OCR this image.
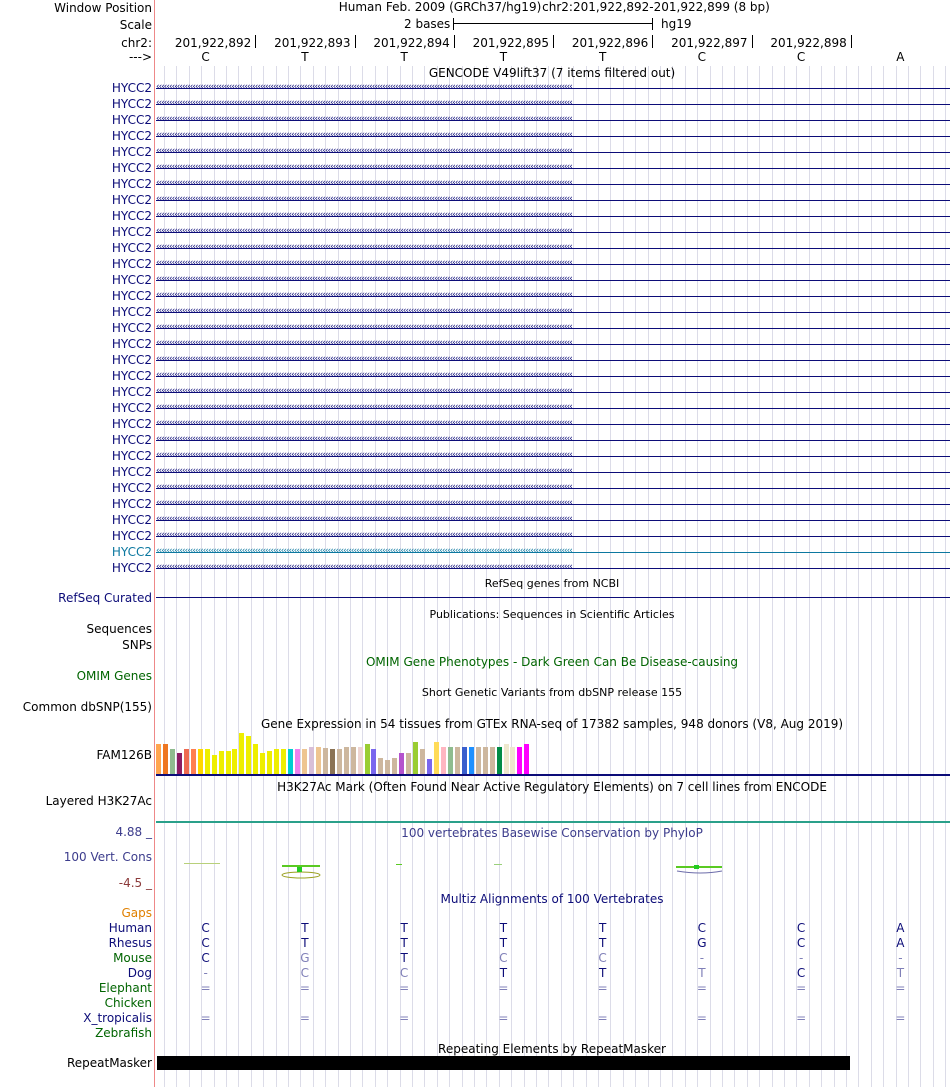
Window Position	Human Feb. 2009 (GRCh37/hg19) chr2:201,922,892-201,922,899 (8 bp)
Scale	2 bases	hg19
chr2: 201,922,892 201,922,893 201,922,894 201,922,895 201,922,896 201,922,897 201,922,898
--->	C	T	T	T	T	C	C	A
GENCODE V49lift37 (7 items filtered out)
HYCC2 ‹‹‹‹‹‹‹‹‹‹‹‹‹‹‹‹‹‹‹‹‹‹‹‹‹‹‹‹‹‹‹‹‹‹‹‹‹‹‹‹‹‹‹‹‹‹‹‹‹‹‹‹‹‹‹‹‹‹‹‹‹‹‹‹‹‹‹‹‹‹‹‹‹‹‹‹‹‹‹‹‹‹‹‹‹‹‹‹‹‹‹‹‹‹‹‹‹‹‹‹‹‹‹‹‹‹‹‹‹‹‹‹‹‹‹‹‹‹‹‹‹‹‹‹‹‹‹‹‹‹‹‹‹‹‹‹‹‹‹‹‹‹‹‹‹‹‹‹‹‹‹‹‹‹‹‹‹‹‹‹
HYCC2 ‹‹‹‹‹‹‹‹‹‹‹‹‹‹‹‹‹‹‹‹‹‹‹‹‹‹‹‹‹‹‹‹‹‹‹‹‹‹‹‹‹‹‹‹‹‹‹‹‹‹‹‹‹‹‹‹‹‹‹‹‹‹‹‹‹‹‹‹‹‹‹‹‹‹‹‹‹‹‹‹‹‹‹‹‹‹‹‹‹‹‹‹‹‹‹‹‹‹‹‹‹‹‹‹‹‹‹‹‹‹‹‹‹‹‹‹‹‹‹‹‹‹‹‹‹‹‹‹‹‹‹‹‹‹‹‹‹‹‹‹‹‹‹‹‹‹‹‹‹‹‹‹‹‹‹‹‹‹‹‹
HYCC2 ‹‹‹‹‹‹‹‹‹‹‹‹‹‹‹‹‹‹‹‹‹‹‹‹‹‹‹‹‹‹‹‹‹‹‹‹‹‹‹‹‹‹‹‹‹‹‹‹‹‹‹‹‹‹‹‹‹‹‹‹‹‹‹‹‹‹‹‹‹‹‹‹‹‹‹‹‹‹‹‹‹‹‹‹‹‹‹‹‹‹‹‹‹‹‹‹‹‹‹‹‹‹‹‹‹‹‹‹‹‹‹‹‹‹‹‹‹‹‹‹‹‹‹‹‹‹‹‹‹‹‹‹‹‹‹‹‹‹‹‹‹‹‹‹‹‹‹‹‹‹‹‹‹‹‹‹‹‹‹‹
HYCC2 ‹‹‹‹‹‹‹‹‹‹‹‹‹‹‹‹‹‹‹‹‹‹‹‹‹‹‹‹‹‹‹‹‹‹‹‹‹‹‹‹‹‹‹‹‹‹‹‹‹‹‹‹‹‹‹‹‹‹‹‹‹‹‹‹‹‹‹‹‹‹‹‹‹‹‹‹‹‹‹‹‹‹‹‹‹‹‹‹‹‹‹‹‹‹‹‹‹‹‹‹‹‹‹‹‹‹‹‹‹‹‹‹‹‹‹‹‹‹‹‹‹‹‹‹‹‹‹‹‹‹‹‹‹‹‹‹‹‹‹‹‹‹‹‹‹‹‹‹‹‹‹‹‹‹‹‹‹‹‹‹
HYCC2 ‹‹‹‹‹‹‹‹‹‹‹‹‹‹‹‹‹‹‹‹‹‹‹‹‹‹‹‹‹‹‹‹‹‹‹‹‹‹‹‹‹‹‹‹‹‹‹‹‹‹‹‹‹‹‹‹‹‹‹‹‹‹‹‹‹‹‹‹‹‹‹‹‹‹‹‹‹‹‹‹‹‹‹‹‹‹‹‹‹‹‹‹‹‹‹‹‹‹‹‹‹‹‹‹‹‹‹‹‹‹‹‹‹‹‹‹‹‹‹‹‹‹‹‹‹‹‹‹‹‹‹‹‹‹‹‹‹‹‹‹‹‹‹‹‹‹‹‹‹‹‹‹‹‹‹‹‹‹‹‹
HYCC2 ‹‹‹‹‹‹‹‹‹‹‹‹‹‹‹‹‹‹‹‹‹‹‹‹‹‹‹‹‹‹‹‹‹‹‹‹‹‹‹‹‹‹‹‹‹‹‹‹‹‹‹‹‹‹‹‹‹‹‹‹‹‹‹‹‹‹‹‹‹‹‹‹‹‹‹‹‹‹‹‹‹‹‹‹‹‹‹‹‹‹‹‹‹‹‹‹‹‹‹‹‹‹‹‹‹‹‹‹‹‹‹‹‹‹‹‹‹‹‹‹‹‹‹‹‹‹‹‹‹‹‹‹‹‹‹‹‹‹‹‹‹‹‹‹‹‹‹‹‹‹‹‹‹‹‹‹‹‹‹‹
HYCC2 ‹‹‹‹‹‹‹‹‹‹‹‹‹‹‹‹‹‹‹‹‹‹‹‹‹‹‹‹‹‹‹‹‹‹‹‹‹‹‹‹‹‹‹‹‹‹‹‹‹‹‹‹‹‹‹‹‹‹‹‹‹‹‹‹‹‹‹‹‹‹‹‹‹‹‹‹‹‹‹‹‹‹‹‹‹‹‹‹‹‹‹‹‹‹‹‹‹‹‹‹‹‹‹‹‹‹‹‹‹‹‹‹‹‹‹‹‹‹‹‹‹‹‹‹‹‹‹‹‹‹‹‹‹‹‹‹‹‹‹‹‹‹‹‹‹‹‹‹‹‹‹‹‹‹‹‹‹‹‹‹
HYCC2 ‹‹‹‹‹‹‹‹‹‹‹‹‹‹‹‹‹‹‹‹‹‹‹‹‹‹‹‹‹‹‹‹‹‹‹‹‹‹‹‹‹‹‹‹‹‹‹‹‹‹‹‹‹‹‹‹‹‹‹‹‹‹‹‹‹‹‹‹‹‹‹‹‹‹‹‹‹‹‹‹‹‹‹‹‹‹‹‹‹‹‹‹‹‹‹‹‹‹‹‹‹‹‹‹‹‹‹‹‹‹‹‹‹‹‹‹‹‹‹‹‹‹‹‹‹‹‹‹‹‹‹‹‹‹‹‹‹‹‹‹‹‹‹‹‹‹‹‹‹‹‹‹‹‹‹‹‹‹‹‹
HYCC2 ‹‹‹‹‹‹‹‹‹‹‹‹‹‹‹‹‹‹‹‹‹‹‹‹‹‹‹‹‹‹‹‹‹‹‹‹‹‹‹‹‹‹‹‹‹‹‹‹‹‹‹‹‹‹‹‹‹‹‹‹‹‹‹‹‹‹‹‹‹‹‹‹‹‹‹‹‹‹‹‹‹‹‹‹‹‹‹‹‹‹‹‹‹‹‹‹‹‹‹‹‹‹‹‹‹‹‹‹‹‹‹‹‹‹‹‹‹‹‹‹‹‹‹‹‹‹‹‹‹‹‹‹‹‹‹‹‹‹‹‹‹‹‹‹‹‹‹‹‹‹‹‹‹‹‹‹‹‹‹‹
HYCC2 ‹‹‹‹‹‹‹‹‹‹‹‹‹‹‹‹‹‹‹‹‹‹‹‹‹‹‹‹‹‹‹‹‹‹‹‹‹‹‹‹‹‹‹‹‹‹‹‹‹‹‹‹‹‹‹‹‹‹‹‹‹‹‹‹‹‹‹‹‹‹‹‹‹‹‹‹‹‹‹‹‹‹‹‹‹‹‹‹‹‹‹‹‹‹‹‹‹‹‹‹‹‹‹‹‹‹‹‹‹‹‹‹‹‹‹‹‹‹‹‹‹‹‹‹‹‹‹‹‹‹‹‹‹‹‹‹‹‹‹‹‹‹‹‹‹‹‹‹‹‹‹‹‹‹‹‹‹‹‹‹
HYCC2 ‹‹‹‹‹‹‹‹‹‹‹‹‹‹‹‹‹‹‹‹‹‹‹‹‹‹‹‹‹‹‹‹‹‹‹‹‹‹‹‹‹‹‹‹‹‹‹‹‹‹‹‹‹‹‹‹‹‹‹‹‹‹‹‹‹‹‹‹‹‹‹‹‹‹‹‹‹‹‹‹‹‹‹‹‹‹‹‹‹‹‹‹‹‹‹‹‹‹‹‹‹‹‹‹‹‹‹‹‹‹‹‹‹‹‹‹‹‹‹‹‹‹‹‹‹‹‹‹‹‹‹‹‹‹‹‹‹‹‹‹‹‹‹‹‹‹‹‹‹‹‹‹‹‹‹‹‹‹‹‹
HYCC2 ‹‹‹‹‹‹‹‹‹‹‹‹‹‹‹‹‹‹‹‹‹‹‹‹‹‹‹‹‹‹‹‹‹‹‹‹‹‹‹‹‹‹‹‹‹‹‹‹‹‹‹‹‹‹‹‹‹‹‹‹‹‹‹‹‹‹‹‹‹‹‹‹‹‹‹‹‹‹‹‹‹‹‹‹‹‹‹‹‹‹‹‹‹‹‹‹‹‹‹‹‹‹‹‹‹‹‹‹‹‹‹‹‹‹‹‹‹‹‹‹‹‹‹‹‹‹‹‹‹‹‹‹‹‹‹‹‹‹‹‹‹‹‹‹‹‹‹‹‹‹‹‹‹‹‹‹‹‹‹‹
HYCC2 ‹‹‹‹‹‹‹‹‹‹‹‹‹‹‹‹‹‹‹‹‹‹‹‹‹‹‹‹‹‹‹‹‹‹‹‹‹‹‹‹‹‹‹‹‹‹‹‹‹‹‹‹‹‹‹‹‹‹‹‹‹‹‹‹‹‹‹‹‹‹‹‹‹‹‹‹‹‹‹‹‹‹‹‹‹‹‹‹‹‹‹‹‹‹‹‹‹‹‹‹‹‹‹‹‹‹‹‹‹‹‹‹‹‹‹‹‹‹‹‹‹‹‹‹‹‹‹‹‹‹‹‹‹‹‹‹‹‹‹‹‹‹‹‹‹‹‹‹‹‹‹‹‹‹‹‹‹‹‹‹
HYCC2 ‹‹‹‹‹‹‹‹‹‹‹‹‹‹‹‹‹‹‹‹‹‹‹‹‹‹‹‹‹‹‹‹‹‹‹‹‹‹‹‹‹‹‹‹‹‹‹‹‹‹‹‹‹‹‹‹‹‹‹‹‹‹‹‹‹‹‹‹‹‹‹‹‹‹‹‹‹‹‹‹‹‹‹‹‹‹‹‹‹‹‹‹‹‹‹‹‹‹‹‹‹‹‹‹‹‹‹‹‹‹‹‹‹‹‹‹‹‹‹‹‹‹‹‹‹‹‹‹‹‹‹‹‹‹‹‹‹‹‹‹‹‹‹‹‹‹‹‹‹‹‹‹‹‹‹‹‹‹‹‹
HYCC2 ‹‹‹‹‹‹‹‹‹‹‹‹‹‹‹‹‹‹‹‹‹‹‹‹‹‹‹‹‹‹‹‹‹‹‹‹‹‹‹‹‹‹‹‹‹‹‹‹‹‹‹‹‹‹‹‹‹‹‹‹‹‹‹‹‹‹‹‹‹‹‹‹‹‹‹‹‹‹‹‹‹‹‹‹‹‹‹‹‹‹‹‹‹‹‹‹‹‹‹‹‹‹‹‹‹‹‹‹‹‹‹‹‹‹‹‹‹‹‹‹‹‹‹‹‹‹‹‹‹‹‹‹‹‹‹‹‹‹‹‹‹‹‹‹‹‹‹‹‹‹‹‹‹‹‹‹‹‹‹‹
HYCC2 ‹‹‹‹‹‹‹‹‹‹‹‹‹‹‹‹‹‹‹‹‹‹‹‹‹‹‹‹‹‹‹‹‹‹‹‹‹‹‹‹‹‹‹‹‹‹‹‹‹‹‹‹‹‹‹‹‹‹‹‹‹‹‹‹‹‹‹‹‹‹‹‹‹‹‹‹‹‹‹‹‹‹‹‹‹‹‹‹‹‹‹‹‹‹‹‹‹‹‹‹‹‹‹‹‹‹‹‹‹‹‹‹‹‹‹‹‹‹‹‹‹‹‹‹‹‹‹‹‹‹‹‹‹‹‹‹‹‹‹‹‹‹‹‹‹‹‹‹‹‹‹‹‹‹‹‹‹‹‹‹
HYCC2 ‹‹‹‹‹‹‹‹‹‹‹‹‹‹‹‹‹‹‹‹‹‹‹‹‹‹‹‹‹‹‹‹‹‹‹‹‹‹‹‹‹‹‹‹‹‹‹‹‹‹‹‹‹‹‹‹‹‹‹‹‹‹‹‹‹‹‹‹‹‹‹‹‹‹‹‹‹‹‹‹‹‹‹‹‹‹‹‹‹‹‹‹‹‹‹‹‹‹‹‹‹‹‹‹‹‹‹‹‹‹‹‹‹‹‹‹‹‹‹‹‹‹‹‹‹‹‹‹‹‹‹‹‹‹‹‹‹‹‹‹‹‹‹‹‹‹‹‹‹‹‹‹‹‹‹‹‹‹‹‹
HYCC2 ‹‹‹‹‹‹‹‹‹‹‹‹‹‹‹‹‹‹‹‹‹‹‹‹‹‹‹‹‹‹‹‹‹‹‹‹‹‹‹‹‹‹‹‹‹‹‹‹‹‹‹‹‹‹‹‹‹‹‹‹‹‹‹‹‹‹‹‹‹‹‹‹‹‹‹‹‹‹‹‹‹‹‹‹‹‹‹‹‹‹‹‹‹‹‹‹‹‹‹‹‹‹‹‹‹‹‹‹‹‹‹‹‹‹‹‹‹‹‹‹‹‹‹‹‹‹‹‹‹‹‹‹‹‹‹‹‹‹‹‹‹‹‹‹‹‹‹‹‹‹‹‹‹‹‹‹‹‹‹‹
HYCC2 ‹‹‹‹‹‹‹‹‹‹‹‹‹‹‹‹‹‹‹‹‹‹‹‹‹‹‹‹‹‹‹‹‹‹‹‹‹‹‹‹‹‹‹‹‹‹‹‹‹‹‹‹‹‹‹‹‹‹‹‹‹‹‹‹‹‹‹‹‹‹‹‹‹‹‹‹‹‹‹‹‹‹‹‹‹‹‹‹‹‹‹‹‹‹‹‹‹‹‹‹‹‹‹‹‹‹‹‹‹‹‹‹‹‹‹‹‹‹‹‹‹‹‹‹‹‹‹‹‹‹‹‹‹‹‹‹‹‹‹‹‹‹‹‹‹‹‹‹‹‹‹‹‹‹‹‹‹‹‹‹
HYCC2 ‹‹‹‹‹‹‹‹‹‹‹‹‹‹‹‹‹‹‹‹‹‹‹‹‹‹‹‹‹‹‹‹‹‹‹‹‹‹‹‹‹‹‹‹‹‹‹‹‹‹‹‹‹‹‹‹‹‹‹‹‹‹‹‹‹‹‹‹‹‹‹‹‹‹‹‹‹‹‹‹‹‹‹‹‹‹‹‹‹‹‹‹‹‹‹‹‹‹‹‹‹‹‹‹‹‹‹‹‹‹‹‹‹‹‹‹‹‹‹‹‹‹‹‹‹‹‹‹‹‹‹‹‹‹‹‹‹‹‹‹‹‹‹‹‹‹‹‹‹‹‹‹‹‹‹‹‹‹‹‹
HYCC2 ‹‹‹‹‹‹‹‹‹‹‹‹‹‹‹‹‹‹‹‹‹‹‹‹‹‹‹‹‹‹‹‹‹‹‹‹‹‹‹‹‹‹‹‹‹‹‹‹‹‹‹‹‹‹‹‹‹‹‹‹‹‹‹‹‹‹‹‹‹‹‹‹‹‹‹‹‹‹‹‹‹‹‹‹‹‹‹‹‹‹‹‹‹‹‹‹‹‹‹‹‹‹‹‹‹‹‹‹‹‹‹‹‹‹‹‹‹‹‹‹‹‹‹‹‹‹‹‹‹‹‹‹‹‹‹‹‹‹‹‹‹‹‹‹‹‹‹‹‹‹‹‹‹‹‹‹‹‹‹‹
HYCC2 ‹‹‹‹‹‹‹‹‹‹‹‹‹‹‹‹‹‹‹‹‹‹‹‹‹‹‹‹‹‹‹‹‹‹‹‹‹‹‹‹‹‹‹‹‹‹‹‹‹‹‹‹‹‹‹‹‹‹‹‹‹‹‹‹‹‹‹‹‹‹‹‹‹‹‹‹‹‹‹‹‹‹‹‹‹‹‹‹‹‹‹‹‹‹‹‹‹‹‹‹‹‹‹‹‹‹‹‹‹‹‹‹‹‹‹‹‹‹‹‹‹‹‹‹‹‹‹‹‹‹‹‹‹‹‹‹‹‹‹‹‹‹‹‹‹‹‹‹‹‹‹‹‹‹‹‹‹‹‹‹
HYCC2 ‹‹‹‹‹‹‹‹‹‹‹‹‹‹‹‹‹‹‹‹‹‹‹‹‹‹‹‹‹‹‹‹‹‹‹‹‹‹‹‹‹‹‹‹‹‹‹‹‹‹‹‹‹‹‹‹‹‹‹‹‹‹‹‹‹‹‹‹‹‹‹‹‹‹‹‹‹‹‹‹‹‹‹‹‹‹‹‹‹‹‹‹‹‹‹‹‹‹‹‹‹‹‹‹‹‹‹‹‹‹‹‹‹‹‹‹‹‹‹‹‹‹‹‹‹‹‹‹‹‹‹‹‹‹‹‹‹‹‹‹‹‹‹‹‹‹‹‹‹‹‹‹‹‹‹‹‹‹‹‹
HYCC2 ‹‹‹‹‹‹‹‹‹‹‹‹‹‹‹‹‹‹‹‹‹‹‹‹‹‹‹‹‹‹‹‹‹‹‹‹‹‹‹‹‹‹‹‹‹‹‹‹‹‹‹‹‹‹‹‹‹‹‹‹‹‹‹‹‹‹‹‹‹‹‹‹‹‹‹‹‹‹‹‹‹‹‹‹‹‹‹‹‹‹‹‹‹‹‹‹‹‹‹‹‹‹‹‹‹‹‹‹‹‹‹‹‹‹‹‹‹‹‹‹‹‹‹‹‹‹‹‹‹‹‹‹‹‹‹‹‹‹‹‹‹‹‹‹‹‹‹‹‹‹‹‹‹‹‹‹‹‹‹‹
HYCC2 ‹‹‹‹‹‹‹‹‹‹‹‹‹‹‹‹‹‹‹‹‹‹‹‹‹‹‹‹‹‹‹‹‹‹‹‹‹‹‹‹‹‹‹‹‹‹‹‹‹‹‹‹‹‹‹‹‹‹‹‹‹‹‹‹‹‹‹‹‹‹‹‹‹‹‹‹‹‹‹‹‹‹‹‹‹‹‹‹‹‹‹‹‹‹‹‹‹‹‹‹‹‹‹‹‹‹‹‹‹‹‹‹‹‹‹‹‹‹‹‹‹‹‹‹‹‹‹‹‹‹‹‹‹‹‹‹‹‹‹‹‹‹‹‹‹‹‹‹‹‹‹‹‹‹‹‹‹‹‹‹
HYCC2 ‹‹‹‹‹‹‹‹‹‹‹‹‹‹‹‹‹‹‹‹‹‹‹‹‹‹‹‹‹‹‹‹‹‹‹‹‹‹‹‹‹‹‹‹‹‹‹‹‹‹‹‹‹‹‹‹‹‹‹‹‹‹‹‹‹‹‹‹‹‹‹‹‹‹‹‹‹‹‹‹‹‹‹‹‹‹‹‹‹‹‹‹‹‹‹‹‹‹‹‹‹‹‹‹‹‹‹‹‹‹‹‹‹‹‹‹‹‹‹‹‹‹‹‹‹‹‹‹‹‹‹‹‹‹‹‹‹‹‹‹‹‹‹‹‹‹‹‹‹‹‹‹‹‹‹‹‹‹‹‹
HYCC2 ‹‹‹‹‹‹‹‹‹‹‹‹‹‹‹‹‹‹‹‹‹‹‹‹‹‹‹‹‹‹‹‹‹‹‹‹‹‹‹‹‹‹‹‹‹‹‹‹‹‹‹‹‹‹‹‹‹‹‹‹‹‹‹‹‹‹‹‹‹‹‹‹‹‹‹‹‹‹‹‹‹‹‹‹‹‹‹‹‹‹‹‹‹‹‹‹‹‹‹‹‹‹‹‹‹‹‹‹‹‹‹‹‹‹‹‹‹‹‹‹‹‹‹‹‹‹‹‹‹‹‹‹‹‹‹‹‹‹‹‹‹‹‹‹‹‹‹‹‹‹‹‹‹‹‹‹‹‹‹‹
HYCC2 ‹‹‹‹‹‹‹‹‹‹‹‹‹‹‹‹‹‹‹‹‹‹‹‹‹‹‹‹‹‹‹‹‹‹‹‹‹‹‹‹‹‹‹‹‹‹‹‹‹‹‹‹‹‹‹‹‹‹‹‹‹‹‹‹‹‹‹‹‹‹‹‹‹‹‹‹‹‹‹‹‹‹‹‹‹‹‹‹‹‹‹‹‹‹‹‹‹‹‹‹‹‹‹‹‹‹‹‹‹‹‹‹‹‹‹‹‹‹‹‹‹‹‹‹‹‹‹‹‹‹‹‹‹‹‹‹‹‹‹‹‹‹‹‹‹‹‹‹‹‹‹‹‹‹‹‹‹‹‹‹
HYCC2 ‹‹‹‹‹‹‹‹‹‹‹‹‹‹‹‹‹‹‹‹‹‹‹‹‹‹‹‹‹‹‹‹‹‹‹‹‹‹‹‹‹‹‹‹‹‹‹‹‹‹‹‹‹‹‹‹‹‹‹‹‹‹‹‹‹‹‹‹‹‹‹‹‹‹‹‹‹‹‹‹‹‹‹‹‹‹‹‹‹‹‹‹‹‹‹‹‹‹‹‹‹‹‹‹‹‹‹‹‹‹‹‹‹‹‹‹‹‹‹‹‹‹‹‹‹‹‹‹‹‹‹‹‹‹‹‹‹‹‹‹‹‹‹‹‹‹‹‹‹‹‹‹‹‹‹‹‹‹‹‹
HYCC2 ‹‹‹‹‹‹‹‹‹‹‹‹‹‹‹‹‹‹‹‹‹‹‹‹‹‹‹‹‹‹‹‹‹‹‹‹‹‹‹‹‹‹‹‹‹‹‹‹‹‹‹‹‹‹‹‹‹‹‹‹‹‹‹‹‹‹‹‹‹‹‹‹‹‹‹‹‹‹‹‹‹‹‹‹‹‹‹‹‹‹‹‹‹‹‹‹‹‹‹‹‹‹‹‹‹‹‹‹‹‹‹‹‹‹‹‹‹‹‹‹‹‹‹‹‹‹‹‹‹‹‹‹‹‹‹‹‹‹‹‹‹‹‹‹‹‹‹‹‹‹‹‹‹‹‹‹‹‹‹‹
HYCC2 ‹‹‹‹‹‹‹‹‹‹‹‹‹‹‹‹‹‹‹‹‹‹‹‹‹‹‹‹‹‹‹‹‹‹‹‹‹‹‹‹‹‹‹‹‹‹‹‹‹‹‹‹‹‹‹‹‹‹‹‹‹‹‹‹‹‹‹‹‹‹‹‹‹‹‹‹‹‹‹‹‹‹‹‹‹‹‹‹‹‹‹‹‹‹‹‹‹‹‹‹‹‹‹‹‹‹‹‹‹‹‹‹‹‹‹‹‹‹‹‹‹‹‹‹‹‹‹‹‹‹‹‹‹‹‹‹‹‹‹‹‹‹‹‹‹‹‹‹‹‹‹‹‹‹‹‹‹‹‹‹
RefSeq genes from NCBI
RefSeq Curated
Publications: Sequences in Scientific Articles
Sequences
SNPs
OMIM Gene Phenotypes - Dark Green Can Be Disease-causing
OMIM Genes
Short Genetic Variants from dbSNP release 155
Common dbSNP(155)
Gene Expression in 54 tissues from GTEx RNA-seq of 17382 samples, 948 donors (V8, Aug 2019)
FAM126B
H3K27Ac Mark (Often Found Near Active Regulatory Elements) on 7 cell lines from ENCODE
Layered H3K27Ac
100 vertebrates Basewise Conservation by PhyloP
4.88 _
100 Vert. Cons
-4.5 _
Multiz Alignments of 100 Vertebrates
Gaps
Human	C	T	T	T	T	C	C	A
Rhesus	C	T	T	T	T	G	C	A
Mouse	C	G	T	C	C	-	-	-
Dog	-	C	C	T	T	T	C	T
Elephant	=	=	=	=	=	=	=	=
Chicken
X_tropicalis	=	=	=	=	=	=	=	=
Zebrafish
Repeating Elements by RepeatMasker
RepeatMasker
